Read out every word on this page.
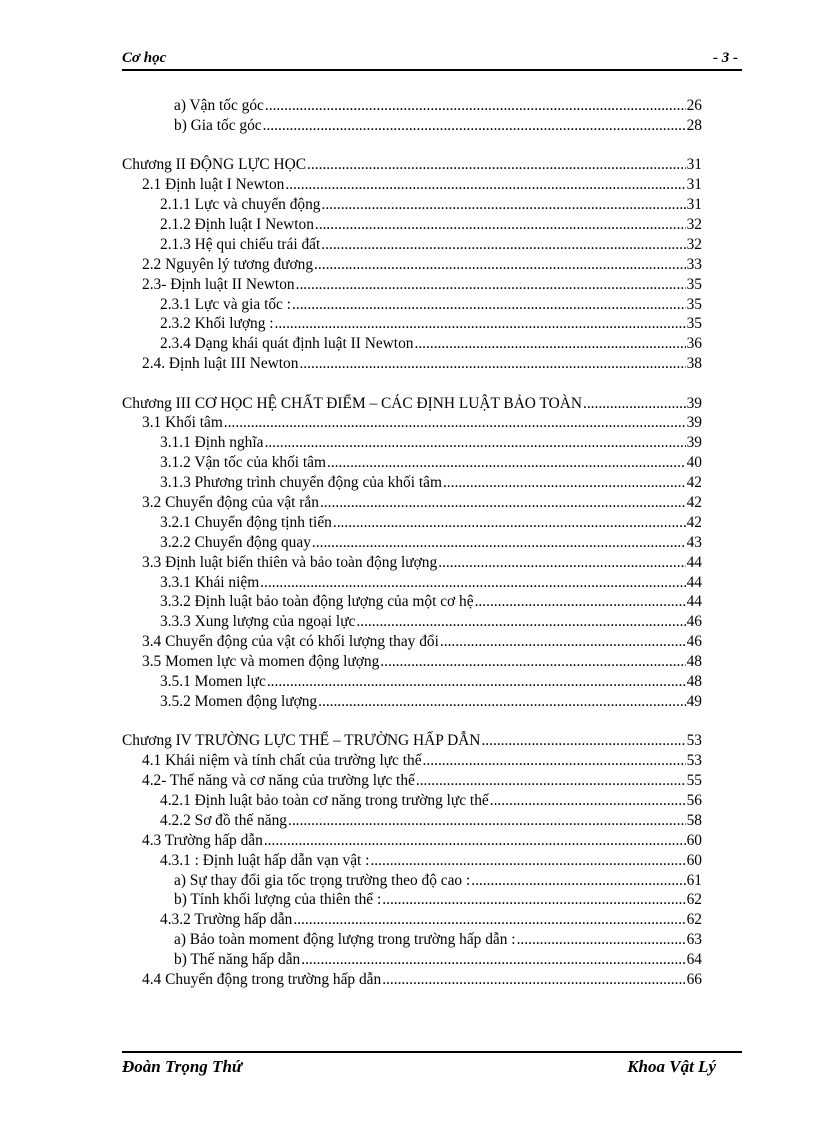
Cơ học	- 3 -
a) Vận tốc góc .....	26
b) Gia tốc góc .....	28
Chương II ĐỘNG LỰC HỌC .....	31
2.1 Định luật I Newton .....	31
2.1.1 Lực và chuyển động .....	31
2.1.2 Định luật I Newton .....	32
2.1.3 Hệ qui chiếu trái đất .....	32
2.2 Nguyên lý tương đương .....	33
2.3- Định luật II Newton .....	35
2.3.1 Lực và gia tốc : .....	35
2.3.2 Khối lượng : .....	35
2.3.4 Dạng khái quát định luật II Newton .....	36
2.4. Định luật III Newton .....	38
Chương III CƠ HỌC HỆ CHẤT ĐIỂM – CÁC ĐỊNH LUẬT BẢO TOÀN .....	39
3.1 Khối tâm .....	39
3.1.1 Định nghĩa .....	39
3.1.2 Vận tốc của khối tâm .....	40
3.1.3 Phương trình chuyển động của khối tâm .....	42
3.2 Chuyển động của vật rắn .....	42
3.2.1 Chuyển động tịnh tiến .....	42
3.2.2 Chuyển động quay .....	43
3.3 Định luật biến thiên và bảo toàn động lượng .....	44
3.3.1 Khái niệm .....	44
3.3.2 Định luật bảo toàn động lượng của một cơ hệ .....	44
3.3.3 Xung lượng của ngoại lực .....	46
3.4 Chuyển động của vật có khối lượng thay đổi .....	46
3.5 Momen lực và momen động lượng .....	48
3.5.1 Momen lực .....	48
3.5.2 Momen động lượng .....	49
Chương IV TRƯỜNG LỰC THẾ – TRƯỜNG HẤP DẪN .....	53
4.1 Khái niệm và tính chất của trường lực thế .....	53
4.2- Thế năng và cơ năng của trường lực thế .....	55
4.2.1 Định luật bảo toàn cơ năng trong trường lực thế .....	56
4.2.2 Sơ đồ thế năng .....	58
4.3 Trường hấp dẫn .....	60
4.3.1 : Định luật hấp dẫn vạn vật : .....	60
a) Sự thay đổi gia tốc trọng trường theo độ cao : .....	61
b) Tính khối lượng của thiên thể : .....	62
4.3.2 Trường hấp dẫn .....	62
a) Bảo toàn moment động lượng trong trường hấp dẫn : .....	63
b) Thế năng hấp dẫn .....	64
4.4 Chuyển động trong trường hấp dẫn .....	66
Đoàn Trọng Thứ	Khoa Vật Lý
